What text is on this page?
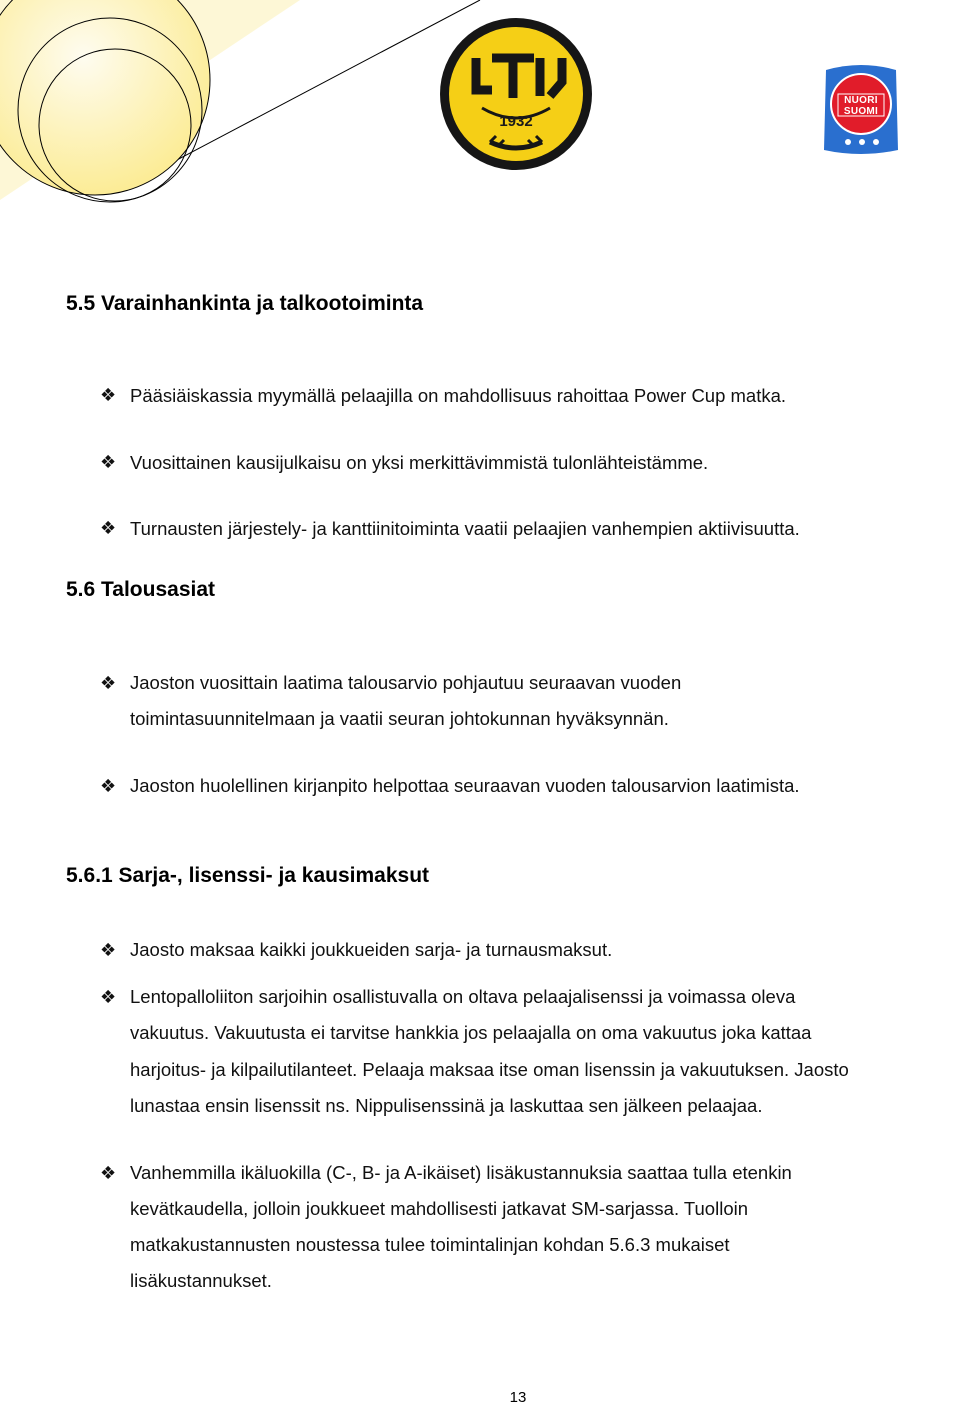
1932
NUORI
SUOMI
5.5 Varainhankinta ja talkootoiminta
❖ Pääsiäiskassia myymällä pelaajilla on mahdollisuus rahoittaa Power Cup matka.
❖ Vuosittainen kausijulkaisu on yksi merkittävimmistä tulonlähteistämme.
❖ Turnausten järjestely- ja kanttiinitoiminta vaatii pelaajien vanhempien aktiivisuutta.
5.6 Talousasiat
❖ Jaoston vuosittain laatima talousarvio pohjautuu seuraavan vuoden
toimintasuunnitelmaan ja vaatii seuran johtokunnan hyväksynnän.
❖ Jaoston huolellinen kirjanpito helpottaa seuraavan vuoden talousarvion laatimista.
5.6.1 Sarja-, lisenssi- ja kausimaksut
❖ Jaosto maksaa kaikki joukkueiden sarja- ja turnausmaksut.
❖ Lentopalloliiton sarjoihin osallistuvalla on oltava pelaajalisenssi ja voimassa oleva
vakuutus. Vakuutusta ei tarvitse hankkia jos pelaajalla on oma vakuutus joka kattaa
harjoitus- ja kilpailutilanteet. Pelaaja maksaa itse oman lisenssin ja vakuutuksen. Jaosto
lunastaa ensin lisenssit ns. Nippulisenssinä ja laskuttaa sen jälkeen pelaajaa.
❖ Vanhemmilla ikäluokilla (C-, B- ja A-ikäiset) lisäkustannuksia saattaa tulla etenkin
kevätkaudella, jolloin joukkueet mahdollisesti jatkavat SM-sarjassa. Tuolloin
matkakustannusten noustessa tulee toimintalinjan kohdan 5.6.3 mukaiset
lisäkustannukset.
13
